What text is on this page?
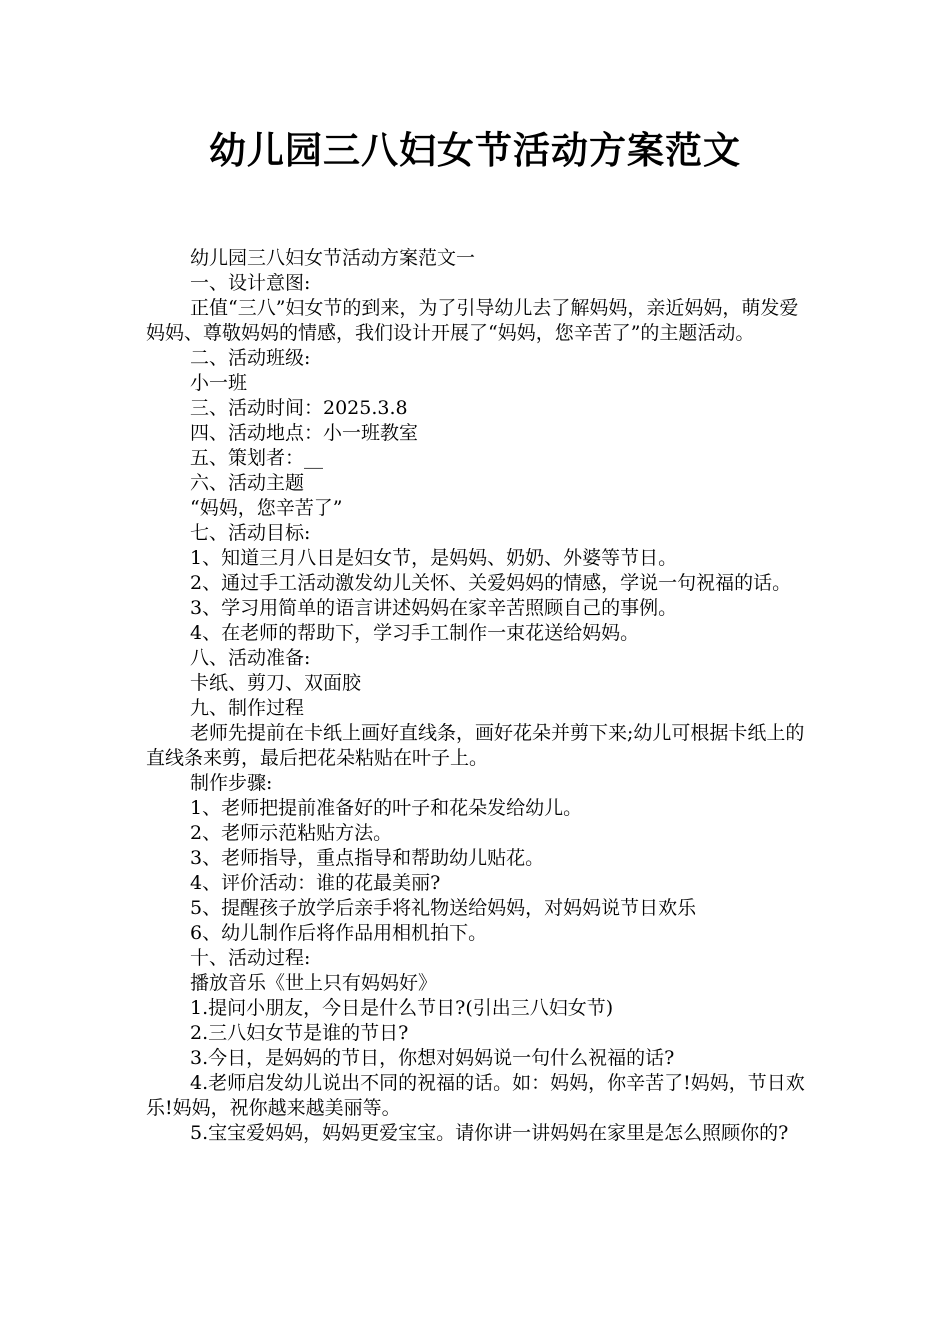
幼儿园三八妇女节活动方案范文

幼儿园三八妇女节活动方案范文一

一、设计意图:

正值“三八”妇女节的到来，为了引导幼儿去了解妈妈，亲近妈妈，萌发爱妈妈、尊敬妈妈的情感，我们设计开展了“妈妈，您辛苦了”的主题活动。

二、活动班级:

小一班

三、活动时间：2025.3.8

四、活动地点：小一班教室

五、策划者：__

六、活动主题

“妈妈，您辛苦了”

七、活动目标:

1、知道三月八日是妇女节，是妈妈、奶奶、外婆等节日。

2、通过手工活动激发幼儿关怀、关爱妈妈的情感，学说一句祝福的话。

3、学习用简单的语言讲述妈妈在家辛苦照顾自己的事例。

4、在老师的帮助下，学习手工制作一束花送给妈妈。

八、活动准备:

卡纸、剪刀、双面胶

九、制作过程

老师先提前在卡纸上画好直线条，画好花朵并剪下来;幼儿可根据卡纸上的直线条来剪，最后把花朵粘贴在叶子上。

制作步骤:

1、老师把提前准备好的叶子和花朵发给幼儿。

2、老师示范粘贴方法。

3、老师指导，重点指导和帮助幼儿贴花。

4、评价活动：谁的花最美丽?

5、提醒孩子放学后亲手将礼物送给妈妈，对妈妈说节日欢乐

6、幼儿制作后将作品用相机拍下。

十、活动过程:

播放音乐《世上只有妈妈好》

1.提问小朋友，今日是什么节日?(引出三八妇女节)

2.三八妇女节是谁的节日?

3.今日，是妈妈的节日，你想对妈妈说一句什么祝福的话?

4.老师启发幼儿说出不同的祝福的话。如：妈妈，你辛苦了!妈妈，节日欢乐!妈妈，祝你越来越美丽等。

5.宝宝爱妈妈，妈妈更爱宝宝。请你讲一讲妈妈在家里是怎么照顾你的?
